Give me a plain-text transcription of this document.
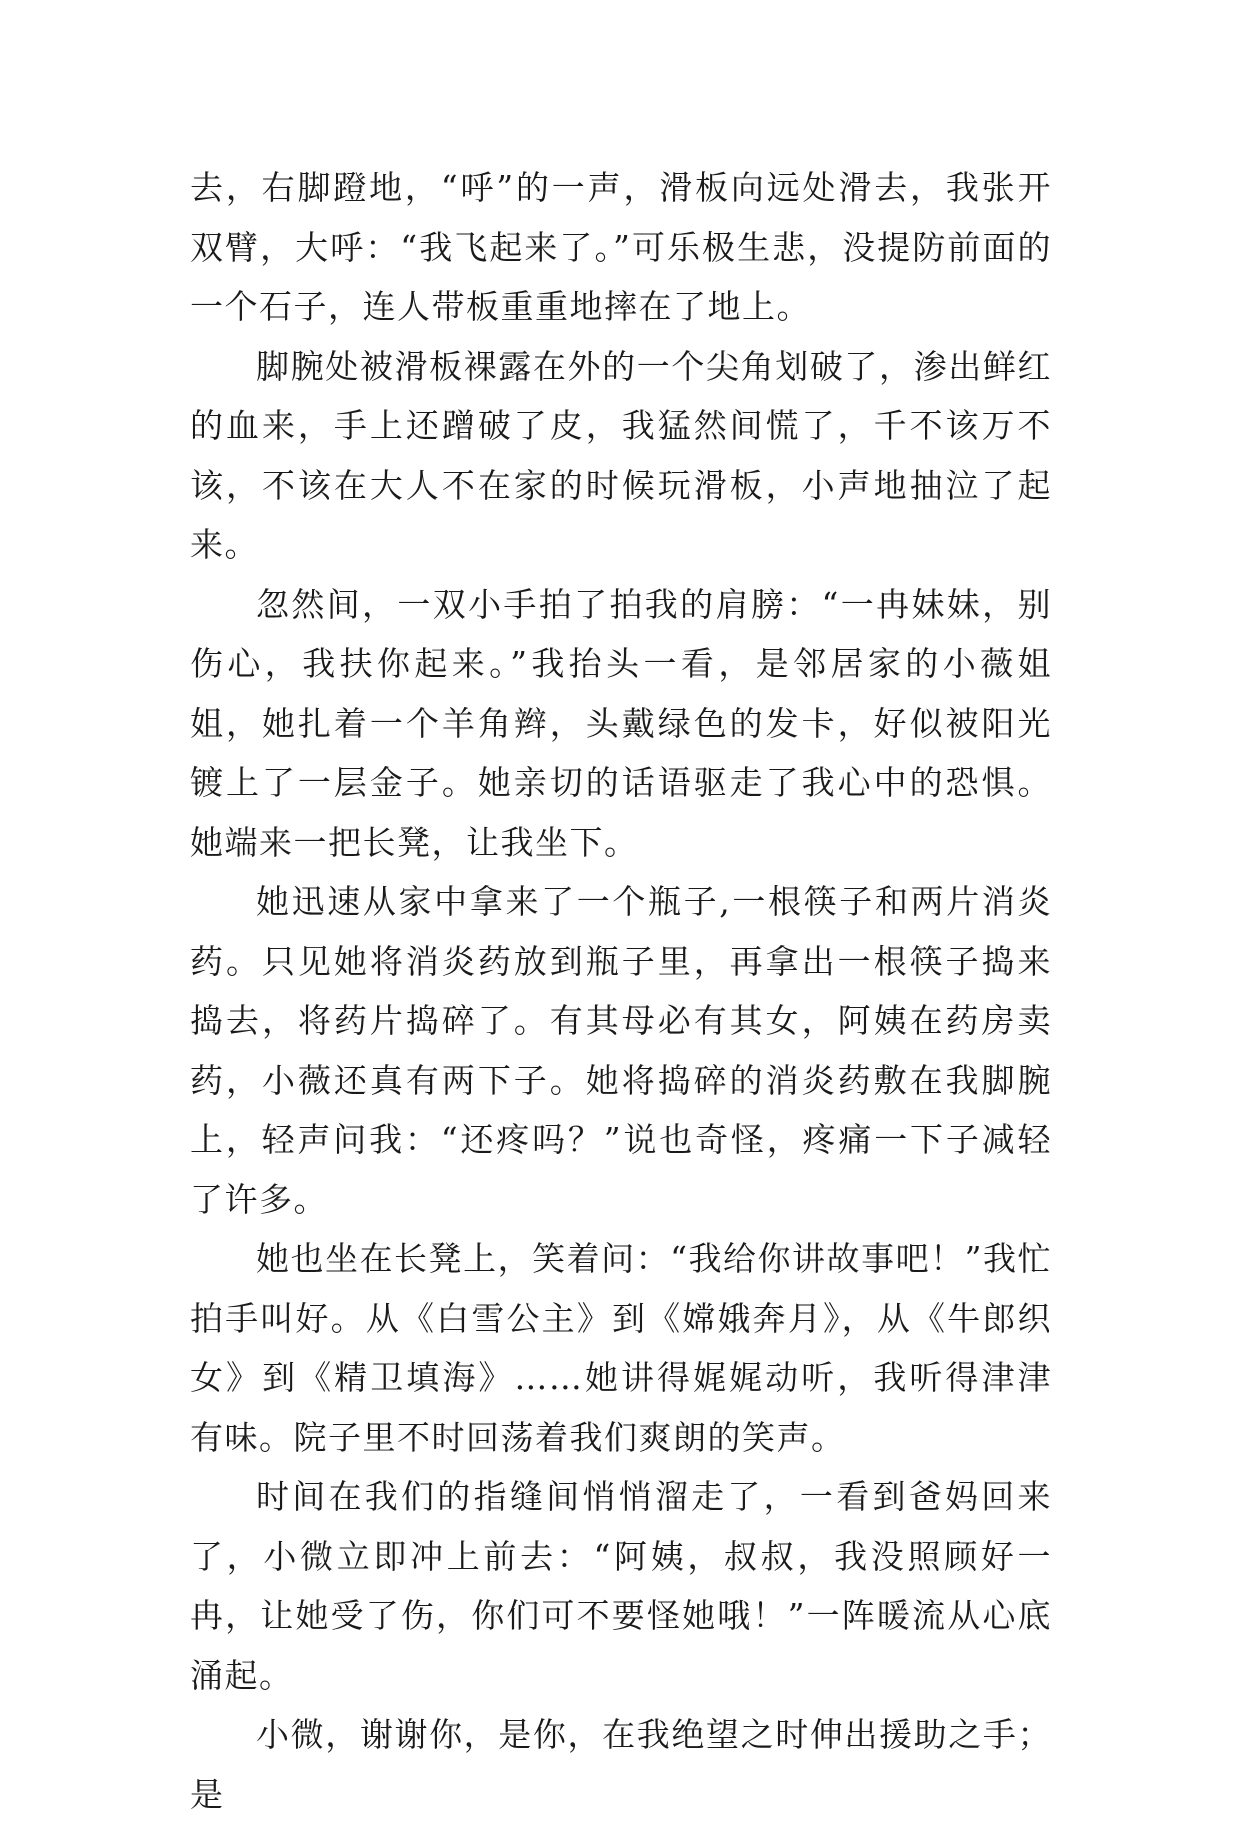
去，右脚蹬地，“呼”的一声，滑板向远处滑去，我张开双臂，大呼：“我飞起来了。”可乐极生悲，没提防前面的一个石子，连人带板重重地摔在了地上。

脚腕处被滑板裸露在外的一个尖角划破了，渗出鲜红的血来，手上还蹭破了皮，我猛然间慌了，千不该万不该，不该在大人不在家的时候玩滑板，小声地抽泣了起来。

忽然间，一双小手拍了拍我的肩膀：“一冉妹妹，别伤心，我扶你起来。”我抬头一看，是邻居家的小薇姐姐，她扎着一个羊角辫，头戴绿色的发卡，好似被阳光镀上了一层金子。她亲切的话语驱走了我心中的恐惧。她端来一把长凳，让我坐下。

她迅速从家中拿来了一个瓶子,一根筷子和两片消炎药。只见她将消炎药放到瓶子里，再拿出一根筷子捣来捣去，将药片捣碎了。有其母必有其女，阿姨在药房卖药，小薇还真有两下子。她将捣碎的消炎药敷在我脚腕上，轻声问我：“还疼吗？”说也奇怪，疼痛一下子减轻了许多。

她也坐在长凳上，笑着问：“我给你讲故事吧！”我忙拍手叫好。从《白雪公主》到《嫦娥奔月》，从《牛郎织女》到《精卫填海》……她讲得娓娓动听，我听得津津有味。院子里不时回荡着我们爽朗的笑声。

时间在我们的指缝间悄悄溜走了，一看到爸妈回来了，小微立即冲上前去：“阿姨，叔叔，我没照顾好一冉，让她受了伤，你们可不要怪她哦！”一阵暖流从心底涌起。

小微，谢谢你，是你，在我绝望之时伸出援助之手；是
